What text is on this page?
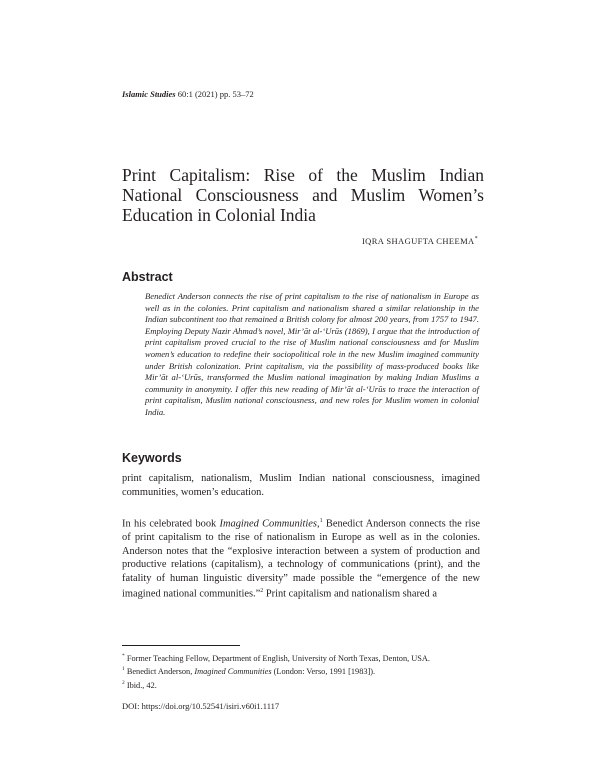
Islamic Studies 60:1 (2021) pp. 53–72
Print Capitalism: Rise of the Muslim Indian National Consciousness and Muslim Women’s Education in Colonial India
IQRA SHAGUFTA CHEEMA*
Abstract
Benedict Anderson connects the rise of print capitalism to the rise of nationalism in Europe as well as in the colonies. Print capitalism and nationalism shared a similar relationship in the Indian subcontinent too that remained a British colony for almost 200 years, from 1757 to 1947. Employing Deputy Nazir Ahmad’s novel, Mir’āt al-‘Urūs (1869), I argue that the introduction of print capitalism proved crucial to the rise of Muslim national consciousness and for Muslim women’s education to redefine their sociopolitical role in the new Muslim imagined community under British colonization. Print capitalism, via the possibility of mass-produced books like Mir’āt al-‘Urūs, transformed the Muslim national imagination by making Indian Muslims a community in anonymity. I offer this new reading of Mir’āt al-‘Urūs to trace the interaction of print capitalism, Muslim national consciousness, and new roles for Muslim women in colonial India.
Keywords
print capitalism, nationalism, Muslim Indian national consciousness, imagined communities, women’s education.
In his celebrated book Imagined Communities,$^1$ Benedict Anderson connects the rise of print capitalism to the rise of nationalism in Europe as well as in the colonies. Anderson notes that the “explosive interaction between a system of production and productive relations (capitalism), a technology of communications (print), and the fatality of human linguistic diversity” made possible the “emergence of the new imagined national communities.”$^2$ Print capitalism and nationalism shared a
* Former Teaching Fellow, Department of English, University of North Texas, Denton, USA.
$^1$ Benedict Anderson, Imagined Communities (London: Verso, 1991 [1983]).
$^2$ Ibid., 42.
DOI: https://doi.org/10.52541/isiri.v60i1.1117
